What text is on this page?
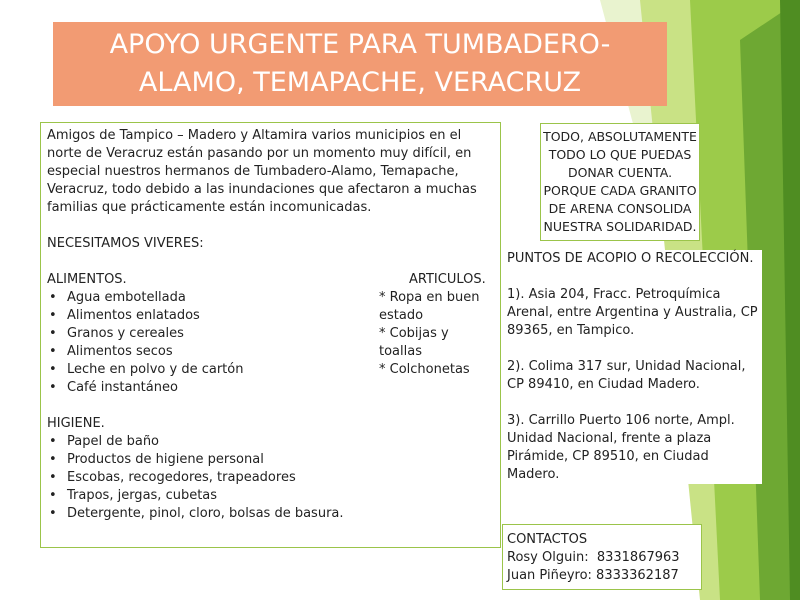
APOYO URGENTE PARA TUMBADERO-
ALAMO, TEMAPACHE, VERACRUZ

Amigos de Tampico – Madero y Altamira varios municipios en el norte de Veracruz están pasando por un momento muy difícil, en especial nuestros hermanos de Tumbadero-Alamo, Temapache, Veracruz, todo debido a las inundaciones que afectaron a muchas familias que prácticamente están incomunicadas.

NECESITAMOS VIVERES:
ALIMENTOS.
• Agua embotellada
• Alimentos enlatados
• Granos y cereales
• Alimentos secos
• Leche en polvo y de cartón
• Café instantáneo
ARTICULOS.
* Ropa en buen estado
* Cobijas y toallas
* Colchonetas
HIGIENE.
• Papel de baño
• Productos de higiene personal
• Escobas, recogedores, trapeadores
• Trapos, jergas, cubetas
• Detergente, pinol, cloro, bolsas de basura.
TODO, ABSOLUTAMENTE TODO LO QUE PUEDAS DONAR CUENTA. PORQUE CADA GRANITO DE ARENA CONSOLIDA NUESTRA SOLIDARIDAD.

PUNTOS DE ACOPIO O RECOLECCIÓN.

1). Asia 204, Fracc. Petroquímica Arenal, entre Argentina y Australia, CP 89365, en Tampico.

2). Colima 317 sur, Unidad Nacional, CP 89410, en Ciudad Madero.

3). Carrillo Puerto 106 norte, Ampl. Unidad Nacional, frente a plaza Pirámide, CP 89510, en Ciudad Madero.

CONTACTOS
Rosy Olguin: 8331867963
Juan Piñeyro: 8333362187
